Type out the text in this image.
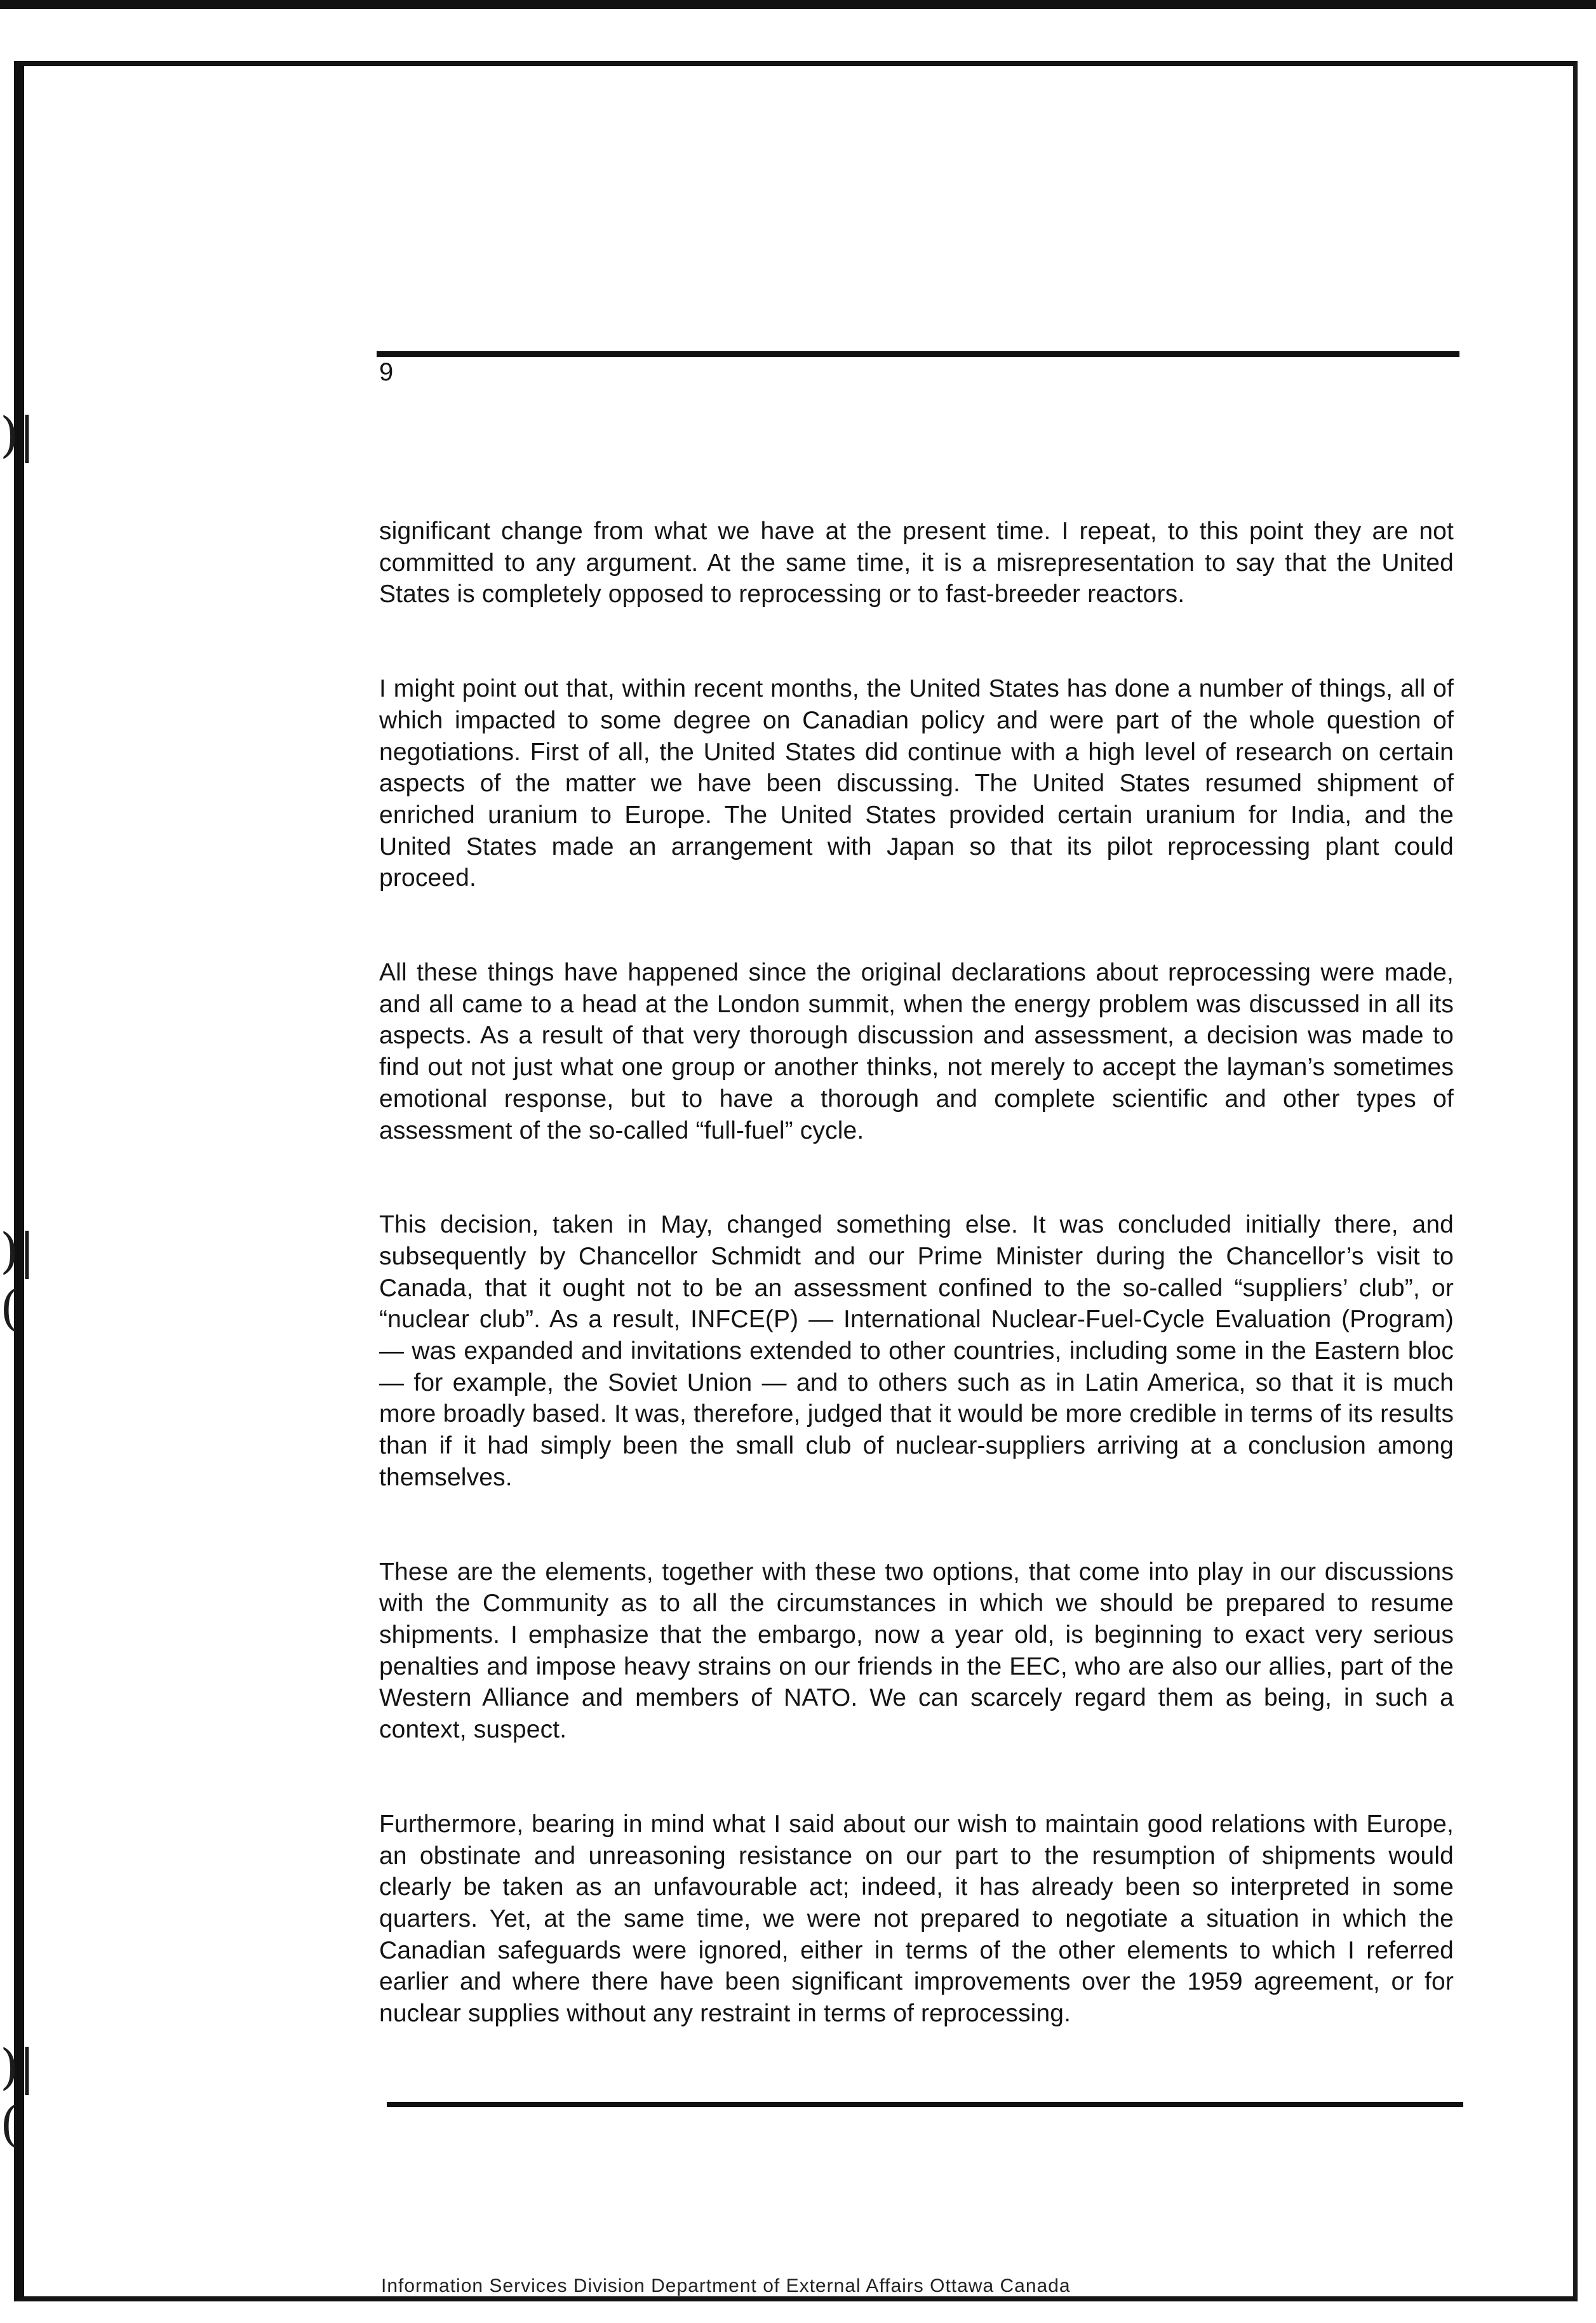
)|
)|(
)|(
9

significant change from what we have at the present time. I repeat, to this point they are not committed to any argument. At the same time, it is a misrepresentation to say that the United States is completely opposed to reprocessing or to fast-breeder reactors.

I might point out that, within recent months, the United States has done a number of things, all of which impacted to some degree on Canadian policy and were part of the whole question of negotiations. First of all, the United States did continue with a high level of research on certain aspects of the matter we have been discussing. The United States resumed shipment of enriched uranium to Europe. The United States provided certain uranium for India, and the United States made an arrangement with Japan so that its pilot reprocessing plant could proceed.

All these things have happened since the original declarations about reprocessing were made, and all came to a head at the London summit, when the energy problem was discussed in all its aspects. As a result of that very thorough discussion and assessment, a decision was made to find out not just what one group or another thinks, not merely to accept the layman’s sometimes emotional response, but to have a thorough and complete scientific and other types of assessment of the so-called “full-fuel” cycle.

This decision, taken in May, changed something else. It was concluded initially there, and subsequently by Chancellor Schmidt and our Prime Minister during the Chancellor’s visit to Canada, that it ought not to be an assessment confined to the so-called “suppliers’ club”, or “nuclear club”. As a result, INFCE(P) — International Nuclear-Fuel-Cycle Evaluation (Program) — was expanded and invitations extended to other countries, including some in the Eastern bloc — for example, the Soviet Union — and to others such as in Latin America, so that it is much more broadly based. It was, therefore, judged that it would be more credible in terms of its results than if it had simply been the small club of nuclear-suppliers arriving at a conclusion among themselves.

These are the elements, together with these two options, that come into play in our discussions with the Community as to all the circumstances in which we should be prepared to resume shipments. I emphasize that the embargo, now a year old, is beginning to exact very serious penalties and impose heavy strains on our friends in the EEC, who are also our allies, part of the Western Alliance and members of NATO. We can scarcely regard them as being, in such a context, suspect.

Furthermore, bearing in mind what I said about our wish to maintain good relations with Europe, an obstinate and unreasoning resistance on our part to the resumption of shipments would clearly be taken as an unfavourable act; indeed, it has already been so interpreted in some quarters. Yet, at the same time, we were not prepared to negotiate a situation in which the Canadian safeguards were ignored, either in terms of the other elements to which I referred earlier and where there have been significant improvements over the 1959 agreement, or for nuclear supplies without any restraint in terms of reprocessing.

Information Services Division Department of External Affairs Ottawa Canada
